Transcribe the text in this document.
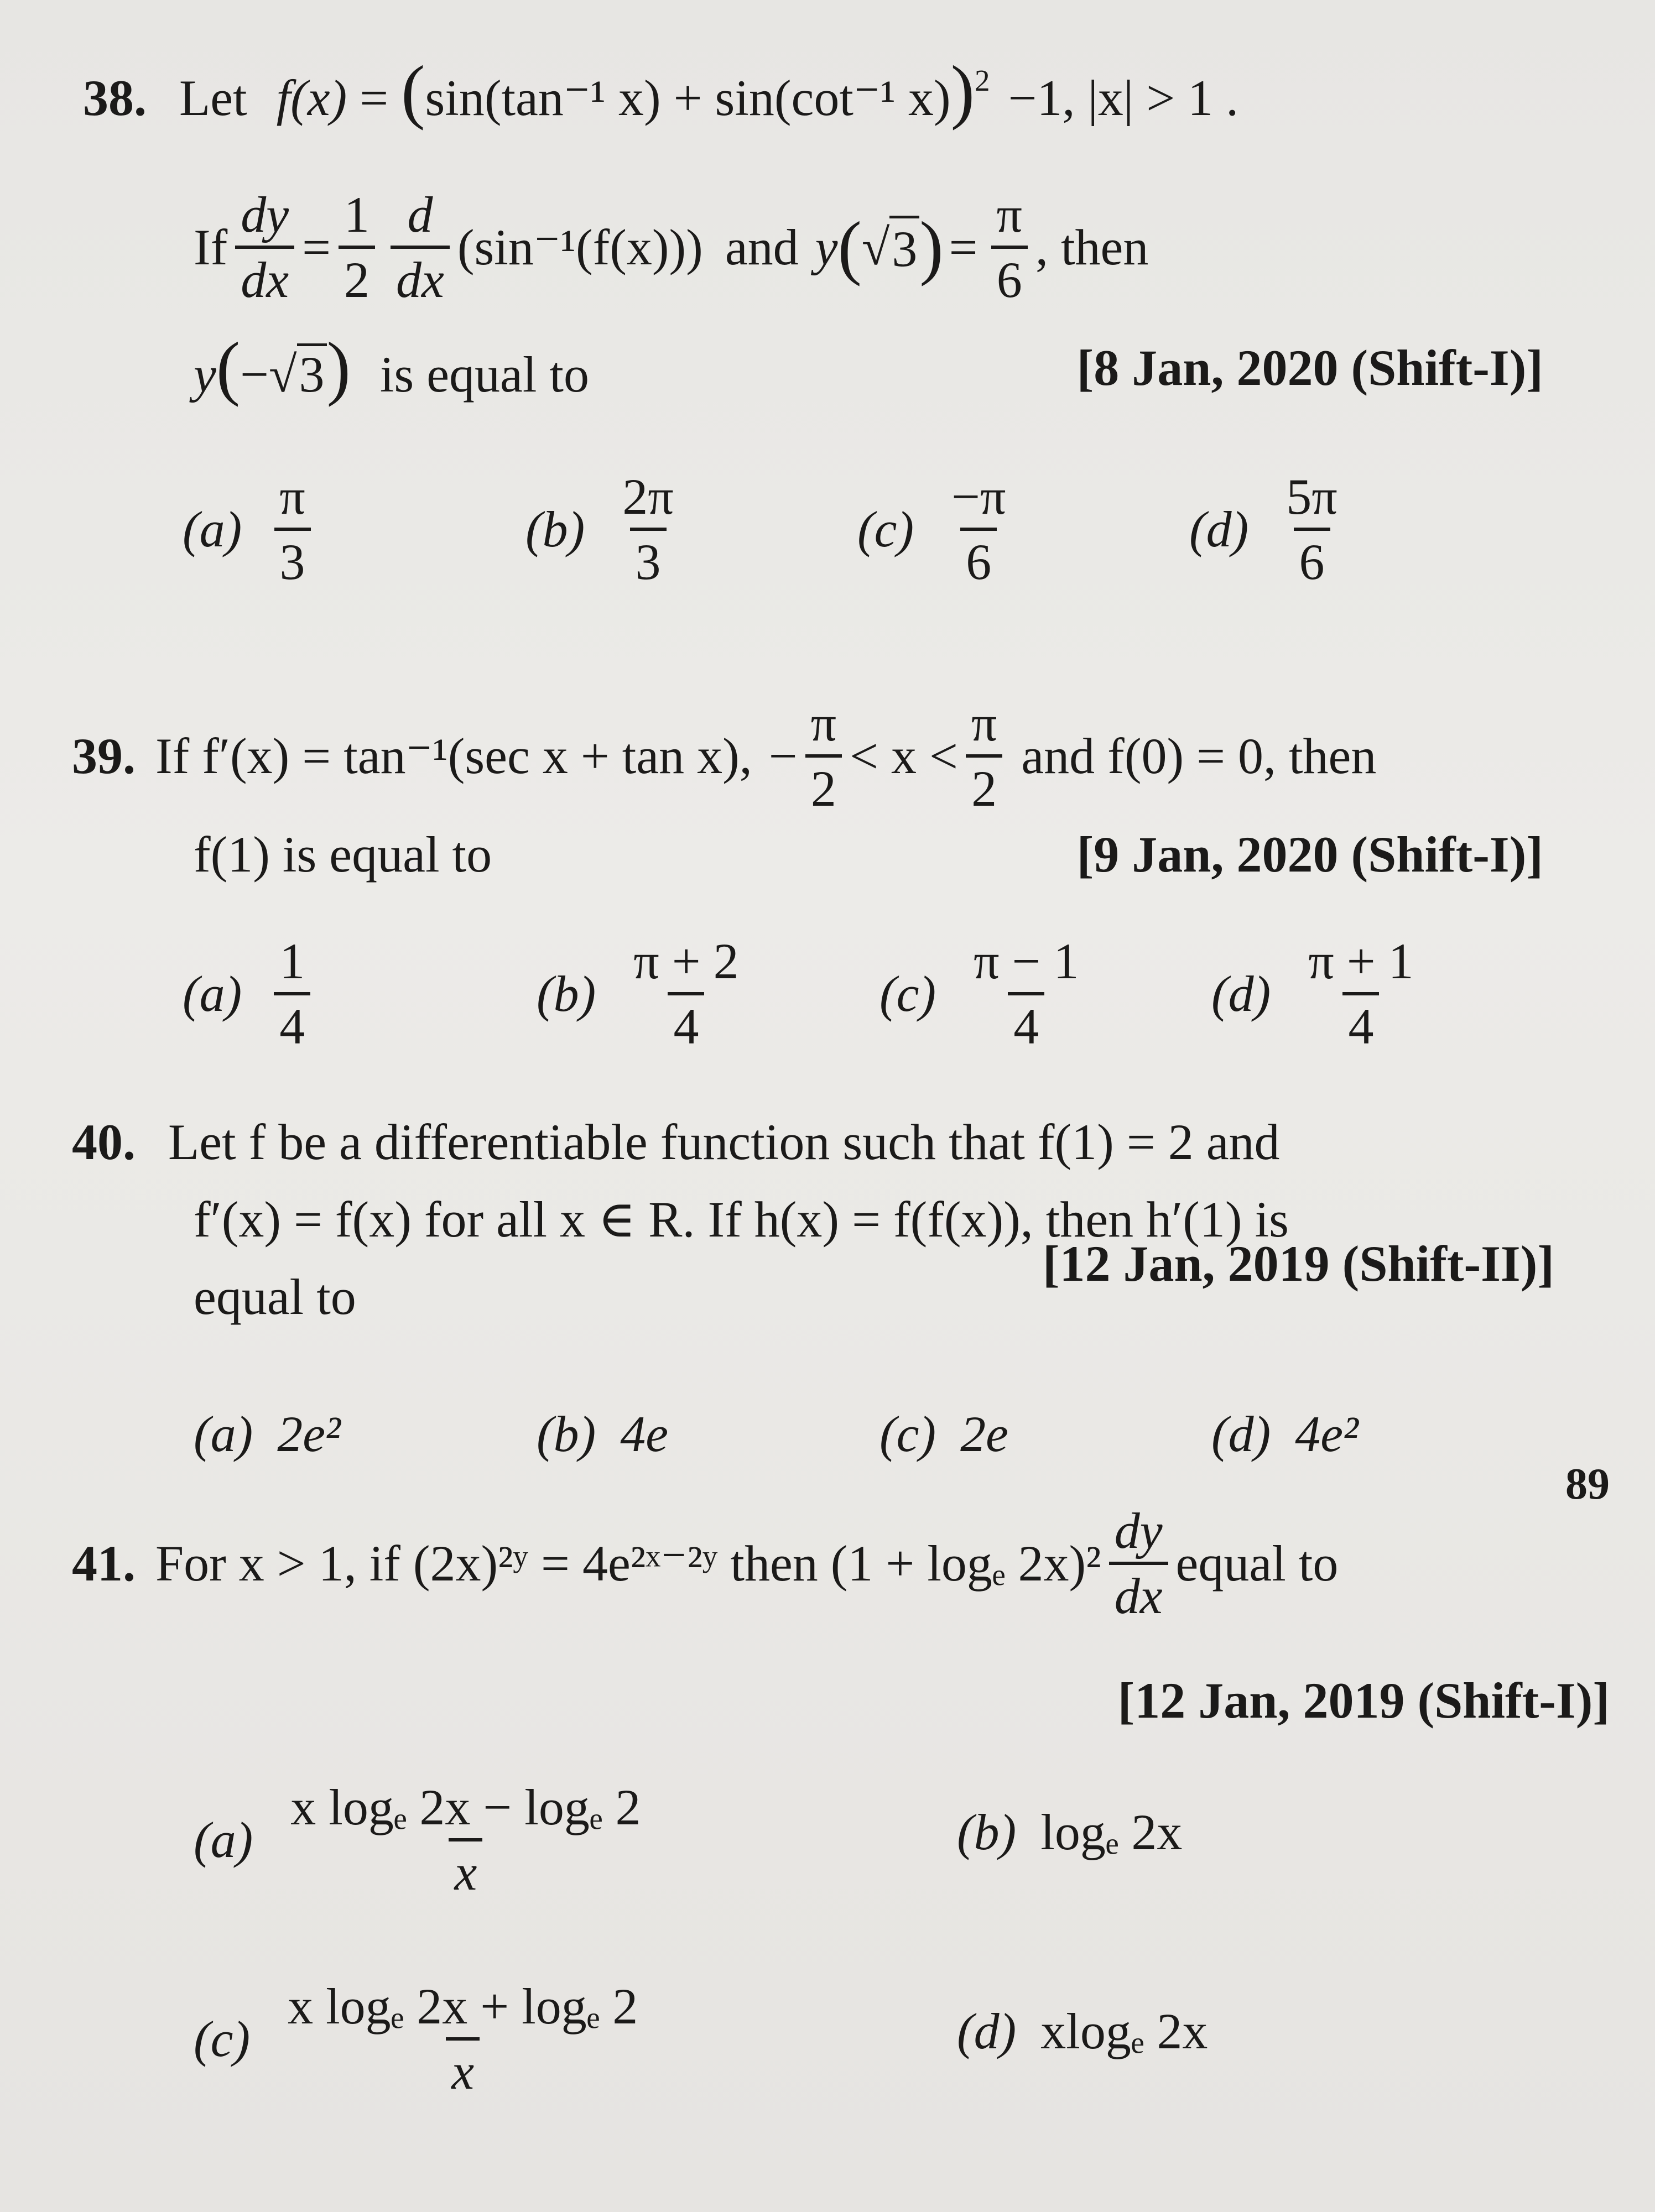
38. Let f(x) = (sin(tan⁻¹ x) + sin(cot⁻¹ x))$^2$ −1, |x| > 1 .
If $\frac{dy}{dx} = \frac{1}{2} \frac{d}{dx} (\sin^{-1}(f(x)))$ and y ( √ 3 ) = $\frac{\pi}{6}$ , then
y(−√3) is equal to	[8 Jan, 2020 (Shift-I)]
$(a) \frac{\pi}{3}$	$(b) \frac{2\pi}{3}$	$(c) \frac{-\pi}{6}$	$(d) \frac{5\pi}{6}$
39. If f′(x) = tan⁻¹(sec x + tan x), − $\frac{\pi}{2} < x < \frac{\pi}{2}$ and f(0) = 0, then
f(1) is equal to	[9 Jan, 2020 (Shift-I)]
$(a) \frac{1}{4}$	$(b) \frac{\pi + 2}{4}$	$(c) \frac{\pi - 1}{4} (d) \frac{\pi + 1}{4}$
40. Let f be a differentiable function such that f(1) = 2 and
f′(x) = f(x) for all x ∈ R. If h(x) = f(f(x)), then h′(1) is
equal to
[12 Jan, 2019 (Shift-II)]
(a) 2e²	(b) 4e	(c) 2e	(d) 4e²
41. For x > 1, if (2x)²ʸ = 4e²ˣ⁻²ʸ then (1 + logₑ $2x)^2 \frac{dy}{dx}$ equal to
[12 Jan, 2019 (Shift-I)]
$(a) \frac{\text{x logₑ 2x − logₑ 2}}{x}$	(b) logₑ 2x
$(c) \frac{\text{x logₑ 2x + logₑ 2}}{x}$	(d) xlogₑ 2x
89
